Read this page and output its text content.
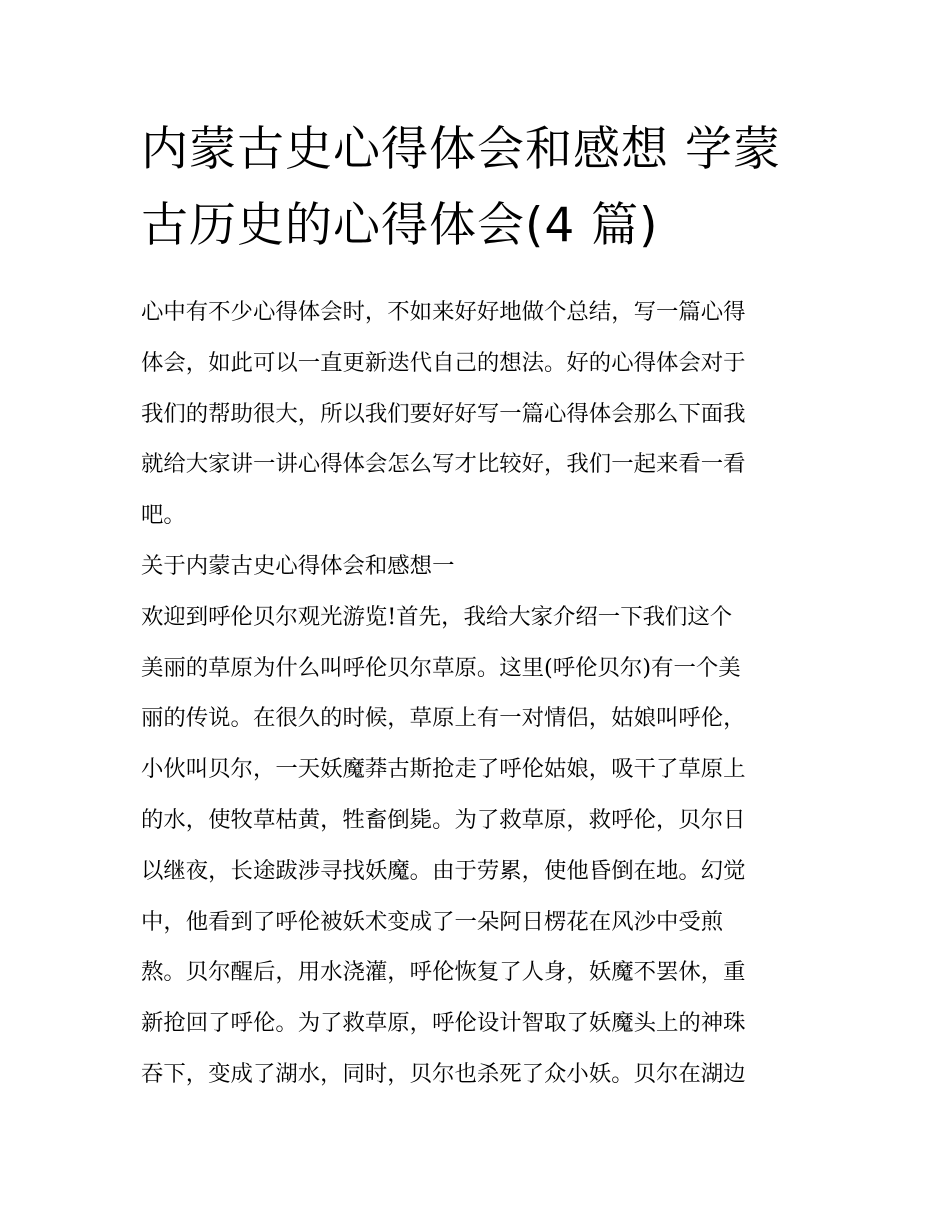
内蒙古史心得体会和感想 学蒙
古历史的心得体会(4 篇)
心中有不少心得体会时，不如来好好地做个总结，写一篇心得
体会，如此可以一直更新迭代自己的想法。好的心得体会对于
我们的帮助很大，所以我们要好好写一篇心得体会那么下面我
就给大家讲一讲心得体会怎么写才比较好，我们一起来看一看
吧。
关于内蒙古史心得体会和感想一
欢迎到呼伦贝尔观光游览!首先，我给大家介绍一下我们这个
美丽的草原为什么叫呼伦贝尔草原。这里(呼伦贝尔)有一个美
丽的传说。在很久的时候，草原上有一对情侣，姑娘叫呼伦，
小伙叫贝尔，一天妖魔莽古斯抢走了呼伦姑娘，吸干了草原上
的水，使牧草枯黄，牲畜倒毙。为了救草原，救呼伦，贝尔日
以继夜，长途跋涉寻找妖魔。由于劳累，使他昏倒在地。幻觉
中，他看到了呼伦被妖术变成了一朵阿日楞花在风沙中受煎
熬。贝尔醒后，用水浇灌，呼伦恢复了人身，妖魔不罢休，重
新抢回了呼伦。为了救草原，呼伦设计智取了妖魔头上的神珠
吞下，变成了湖水，同时，贝尔也杀死了众小妖。贝尔在湖边
